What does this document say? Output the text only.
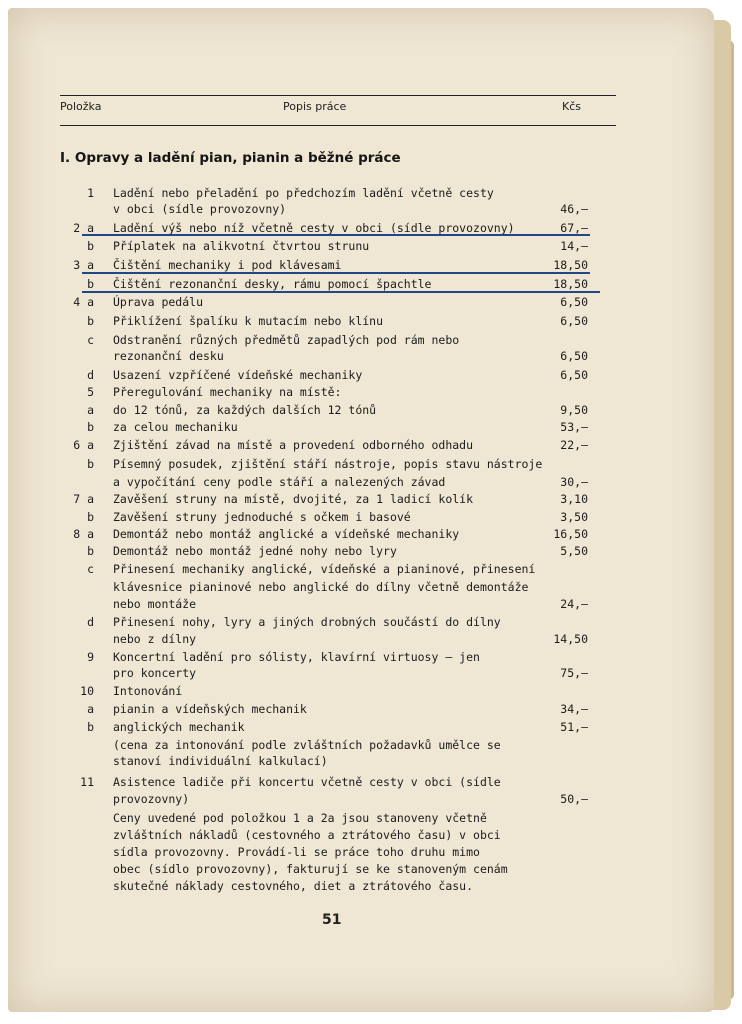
Položka	Popis práce	Kčs
I. Opravy a ladění pian, pianin a běžné práce
1 Ladění nebo přeladění po předchozím ladění včetně cesty
v obci (sídle provozovny)	46,—
2 a Ladění výš nebo níž včetně cesty v obci (sídle provozovny)	67,—
b Příplatek na alikvotní čtvrtou strunu	14,—
3 a Čištění mechaniky i pod klávesami	18,50
b Čištění rezonanční desky, rámu pomocí špachtle	18,50
4 a Úprava pedálu	6,50
b Přiklížení špalíku k mutacím nebo klínu	6,50
c Odstranění různých předmětů zapadlých pod rám nebo
rezonanční desku	6,50
d Usazení vzpříčené vídeňské mechaniky	6,50
5 Přeregulování mechaniky na místě:
a do 12 tónů, za každých dalších 12 tónů	9,50
b za celou mechaniku	53,—
6 a Zjištění závad na místě a provedení odborného odhadu	22,—
b Písemný posudek, zjištění stáří nástroje, popis stavu nástroje
a vypočítání ceny podle stáří a nalezených závad	30,—
7 a Zavěšení struny na místě, dvojité, za 1 ladicí kolík	3,10
b Zavěšení struny jednoduché s očkem i basové	3,50
8 a Demontáž nebo montáž anglické a vídeňské mechaniky	16,50
b Demontáž nebo montáž jedné nohy nebo lyry	5,50
c Přinesení mechaniky anglické, vídeňské a pianinové, přinesení
klávesnice pianinové nebo anglické do dílny včetně demontáže
nebo montáže	24,—
d Přinesení nohy, lyry a jiných drobných součástí do dílny
nebo z dílny	14,50
9 Koncertní ladění pro sólisty, klavírní virtuosy — jen
pro koncerty	75,—
10 Intonování
a pianin a vídeňských mechanik	34,—
b anglických mechanik	51,—
(cena za intonování podle zvláštních požadavků umělce se
stanoví individuální kalkulací)
11 Asistence ladiče při koncertu včetně cesty v obci (sídle
provozovny)	50,—
Ceny uvedené pod položkou 1 a 2a jsou stanoveny včetně
zvláštních nákladů (cestovného a ztrátového času) v obci
sídla provozovny. Provádí-li se práce toho druhu mimo
obec (sídlo provozovny), fakturují se ke stanoveným cenám
skutečné náklady cestovného, diet a ztrátového času.
51
